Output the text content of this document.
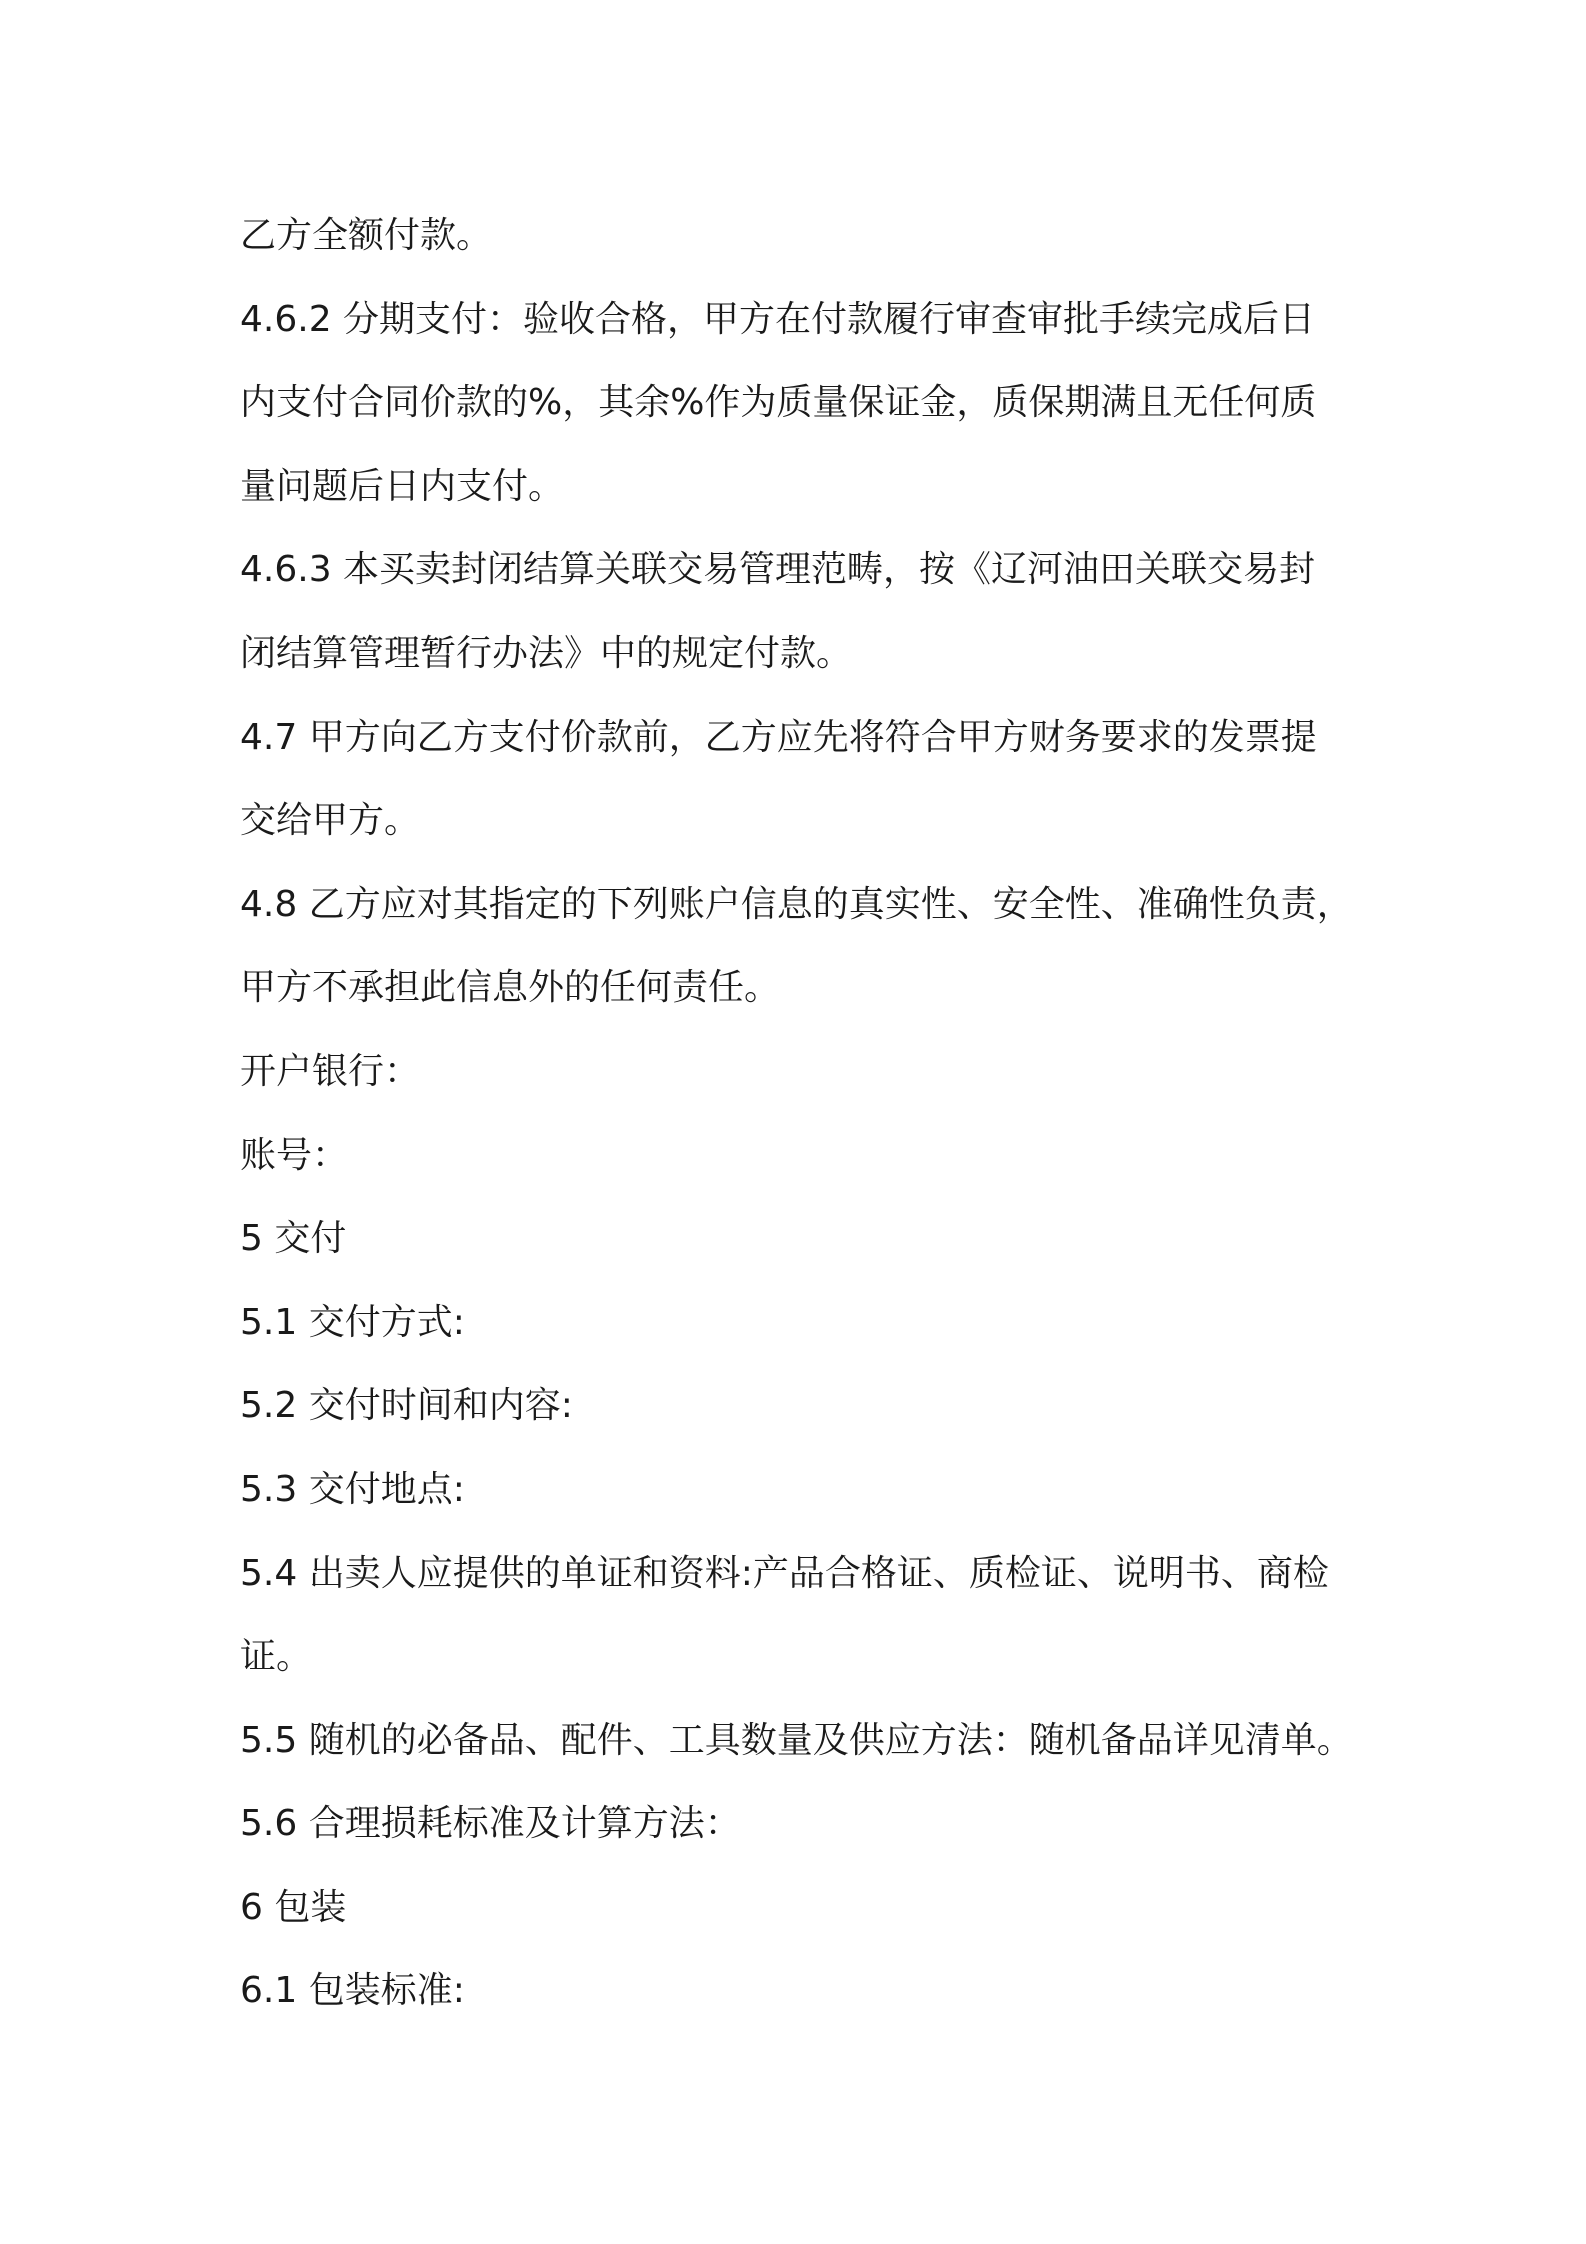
乙方全额付款。

4.6.2 分期支付：验收合格，甲方在付款履行审查审批手续完成后日
内支付合同价款的%，其余%作为质量保证金，质保期满且无任何质
量问题后日内支付。

4.6.3 本买卖封闭结算关联交易管理范畴，按《辽河油田关联交易封
闭结算管理暂行办法》中的规定付款。

4.7 甲方向乙方支付价款前，乙方应先将符合甲方财务要求的发票提
交给甲方。

4.8 乙方应对其指定的下列账户信息的真实性、安全性、准确性负责，
甲方不承担此信息外的任何责任。

开户银行：

账号：

5 交付

5.1 交付方式:

5.2 交付时间和内容:

5.3 交付地点:

5.4 出卖人应提供的单证和资料:产品合格证、质检证、说明书、商检
证。

5.5 随机的必备品、配件、工具数量及供应方法：随机备品详见清单。

5.6 合理损耗标准及计算方法：

6 包装

6.1 包装标准:
